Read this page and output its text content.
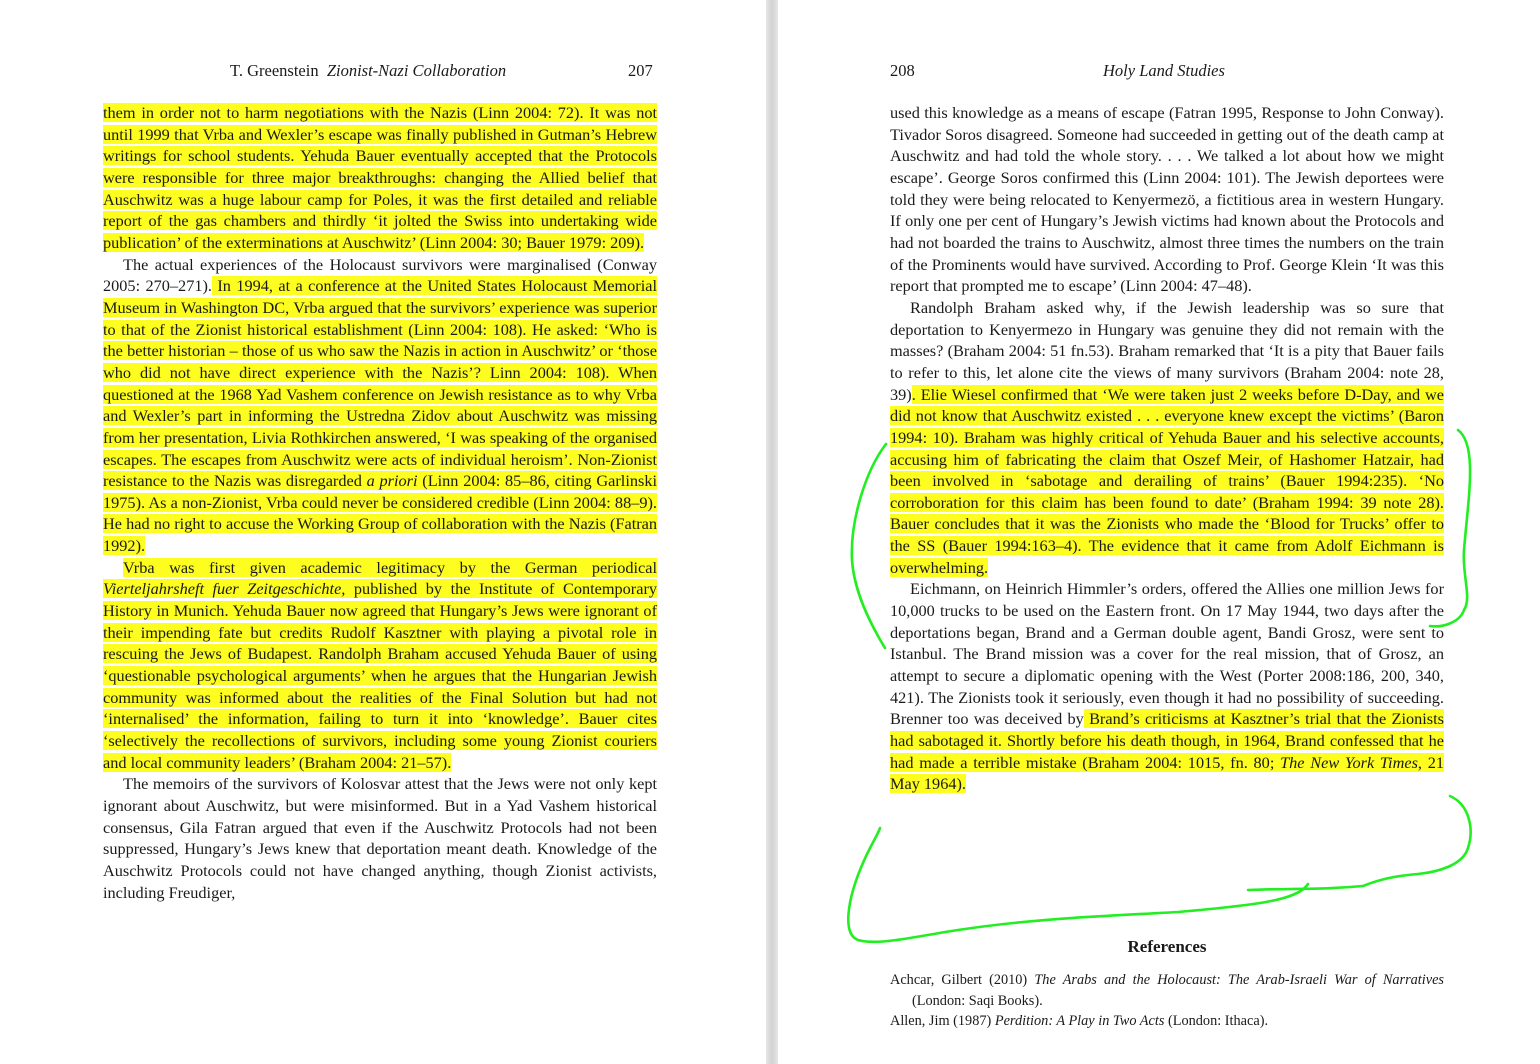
T. Greenstein Zionist-Nazi Collaboration	207

them in order not to harm negotiations with the Nazis (Linn 2004: 72). It was not until 1999 that Vrba and Wexler’s escape was finally published in Gutman’s Hebrew writings for school students. Yehuda Bauer eventually accepted that the Protocols were responsible for three major breakthroughs: changing the Allied belief that Auschwitz was a huge labour camp for Poles, it was the first detailed and reliable report of the gas chambers and thirdly ‘it jolted the Swiss into undertaking wide publication’ of the exterminations at Auschwitz’ (Linn 2004: 30; Bauer 1979: 209).

The actual experiences of the Holocaust survivors were marginalised (Conway 2005: 270–271). In 1994, at a conference at the United States Holocaust Memorial Museum in Washington DC, Vrba argued that the survivors’ experience was superior to that of the Zionist historical establishment (Linn 2004: 108). He asked: ‘Who is the better historian – those of us who saw the Nazis in action in Auschwitz’ or ‘those who did not have direct experience with the Nazis’? Linn 2004: 108). When questioned at the 1968 Yad Vashem conference on Jewish resistance as to why Vrba and Wexler’s part in informing the Ustredna Zidov about Auschwitz was missing from her presentation, Livia Rothkirchen answered, ‘I was speaking of the organised escapes. The escapes from Auschwitz were acts of individual heroism’. Non-Zionist resistance to the Nazis was disregarded a priori (Linn 2004: 85–86, citing Garlinski 1975). As a non-Zionist, Vrba could never be considered credible (Linn 2004: 88–9). He had no right to accuse the Working Group of collaboration with the Nazis (Fatran 1992).

Vrba was first given academic legitimacy by the German periodical Vierteljahrsheft fuer Zeitgeschichte, published by the Institute of Contemporary History in Munich. Yehuda Bauer now agreed that Hungary’s Jews were ignorant of their impending fate but credits Rudolf Kasztner with playing a pivotal role in rescuing the Jews of Budapest. Randolph Braham accused Yehuda Bauer of using ‘questionable psychological arguments’ when he argues that the Hungarian Jewish community was informed about the realities of the Final Solution but had not ‘internalised’ the information, failing to turn it into ‘knowledge’. Bauer cites ‘selectively the recollections of survivors, including some young Zionist couriers and local community leaders’ (Braham 2004: 21–57).

The memoirs of the survivors of Kolosvar attest that the Jews were not only kept ignorant about Auschwitz, but were misinformed. But in a Yad Vashem historical consensus, Gila Fatran argued that even if the Auschwitz Protocols had not been suppressed, Hungary’s Jews knew that deportation meant death. Knowledge of the Auschwitz Protocols could not have changed anything, though Zionist activists, including Freudiger,

208	Holy Land Studies

used this knowledge as a means of escape (Fatran 1995, Response to John Conway). Tivador Soros disagreed. Someone had succeeded in getting out of the death camp at Auschwitz and had told the whole story. . . . We talked a lot about how we might escape’. George Soros confirmed this (Linn 2004: 101). The Jewish deportees were told they were being relocated to Kenyermezö, a fictitious area in western Hungary. If only one per cent of Hungary’s Jewish victims had known about the Protocols and had not boarded the trains to Auschwitz, almost three times the numbers on the train of the Prominents would have survived. According to Prof. George Klein ‘It was this report that prompted me to escape’ (Linn 2004: 47–48).

Randolph Braham asked why, if the Jewish leadership was so sure that deportation to Kenyermezo in Hungary was genuine they did not remain with the masses? (Braham 2004: 51 fn.53). Braham remarked that ‘It is a pity that Bauer fails to refer to this, let alone cite the views of many survivors (Braham 2004: note 28, 39). Elie Wiesel confirmed that ‘We were taken just 2 weeks before D-Day, and we did not know that Auschwitz existed . . . everyone knew except the victims’ (Baron 1994: 10). Braham was highly critical of Yehuda Bauer and his selective accounts, accusing him of fabricating the claim that Oszef Meir, of Hashomer Hatzair, had been involved in ‘sabotage and derailing of trains’ (Bauer 1994:235). ‘No corroboration for this claim has been found to date’ (Braham 1994: 39 note 28). Bauer concludes that it was the Zionists who made the ‘Blood for Trucks’ offer to the SS (Bauer 1994:163–4). The evidence that it came from Adolf Eichmann is overwhelming.

Eichmann, on Heinrich Himmler’s orders, offered the Allies one million Jews for 10,000 trucks to be used on the Eastern front. On 17 May 1944, two days after the deportations began, Brand and a German double agent, Bandi Grosz, were sent to Istanbul. The Brand mission was a cover for the real mission, that of Grosz, an attempt to secure a diplomatic opening with the West (Porter 2008:186, 200, 340, 421). The Zionists took it seriously, even though it had no possibility of succeeding. Brenner too was deceived by Brand’s criticisms at Kasztner’s trial that the Zionists had sabotaged it. Shortly before his death though, in 1964, Brand confessed that he had made a terrible mistake (Braham 2004: 1015, fn. 80; The New York Times, 21 May 1964).

References
Achcar, Gilbert (2010) The Arabs and the Holocaust: The Arab-Israeli War of Narratives (London: Saqi Books).
Allen, Jim (1987) Perdition: A Play in Two Acts (London: Ithaca).
